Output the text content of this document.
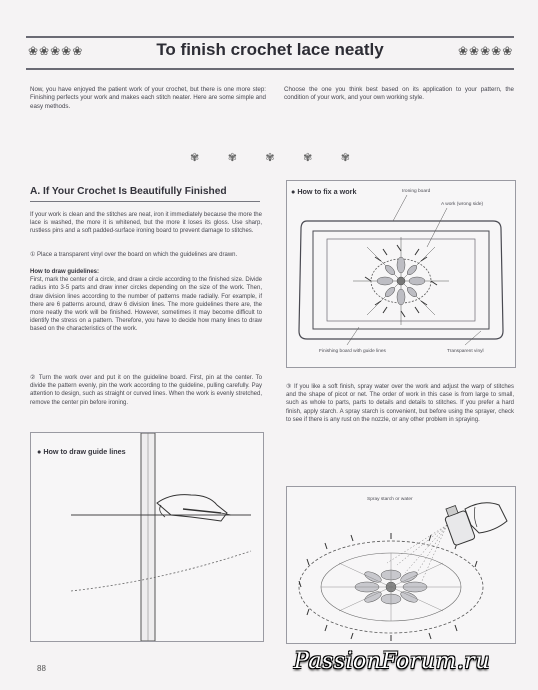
❀❀❀❀❀	To finish crochet lace neatly	❀❀❀❀❀

Now, you have enjoyed the patient work of your crochet, but there is one more step: Finishing perfects your work and makes each stitch neater. Here are some simple and easy methods.

Choose the one you think best based on its application to your pattern, the condition of your work, and your own working style.

✾	✾	✾	✾	✾
A. If Your Crochet Is Beautifully Finished

If your work is clean and the stitches are neat, iron it immediately because the more the lace is washed, the more it is whitened, but the more it loses its gloss. Use sharp, rustless pins and a soft padded-surface ironing board to prevent damage to stitches.

① Place a transparent vinyl over the board on which the guidelines are drawn.

How to draw guidelines:
First, mark the center of a circle, and draw a circle according to the finished size. Divide radius into 3-5 parts and draw inner circles depending on the size of the work. Then, draw division lines according to the number of patterns made radially. For example, if there are 6 patterns around, draw 6 division lines. The more guidelines there are, the more neatly the work will be finished. However, sometimes it may become difficult to identify the stress on a pattern. Therefore, you have to decide how many lines to draw based on the characteristics of the work.

② Turn the work over and put it on the guideline board. First, pin at the center. To divide the pattern evenly, pin the work according to the guideline, pulling carefully. Pay attention to design, such as straight or curved lines. When the work is evenly stretched, remove the center pin before ironing.

● How to fix a work	Ironing board
A work (wrong side)
Finishing board with guide lines	Transparent vinyl

③ If you like a soft finish, spray water over the work and adjust the warp of stitches and the shape of picot or net. The order of work in this case is from large to small, such as whole to parts, parts to details and details to stitches. If you prefer a hard finish, apply starch. A spray starch is convenient, but before using the sprayer, check to see if there is any rust on the nozzle, or any other problem in spraying.

● How to draw guide lines
Spray starch or water
88	PassionForum.ru
